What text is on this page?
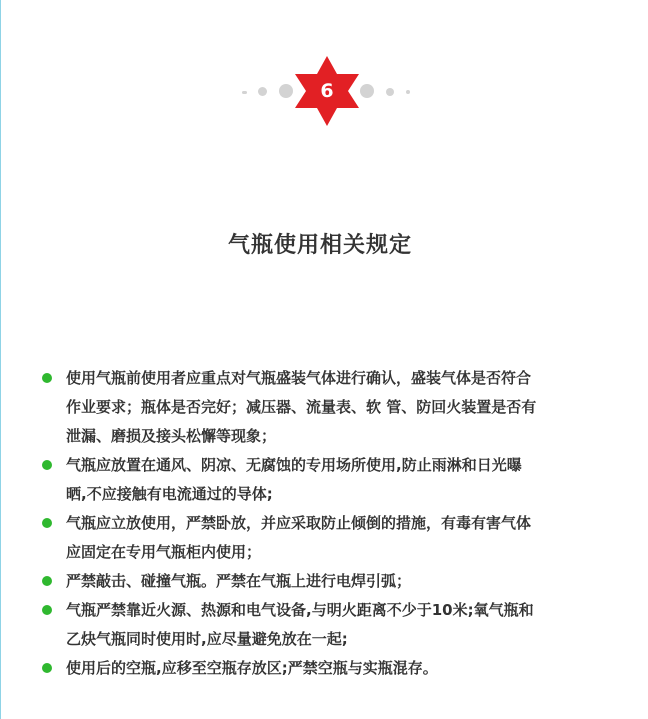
6
气瓶使用相关规定
使用气瓶前使用者应重点对气瓶盛装气体进行确认，盛装气体是否符合作业要求；瓶体是否完好；减压器、流量表、软 管、防回火装置是否有泄漏、磨损及接头松懈等现象；
气瓶应放置在通风、阴凉、无腐蚀的专用场所使用,防止雨淋和日光曝晒,不应接触有电流通过的导体;
气瓶应立放使用，严禁卧放，并应采取防止倾倒的措施，有毒有害气体应固定在专用气瓶柜内使用；
严禁敲击、碰撞气瓶。严禁在气瓶上进行电焊引弧；
气瓶严禁靠近火源、热源和电气设备,与明火距离不少于10米;氧气瓶和乙炔气瓶同时使用时,应尽量避免放在一起;
使用后的空瓶,应移至空瓶存放区;严禁空瓶与实瓶混存。
